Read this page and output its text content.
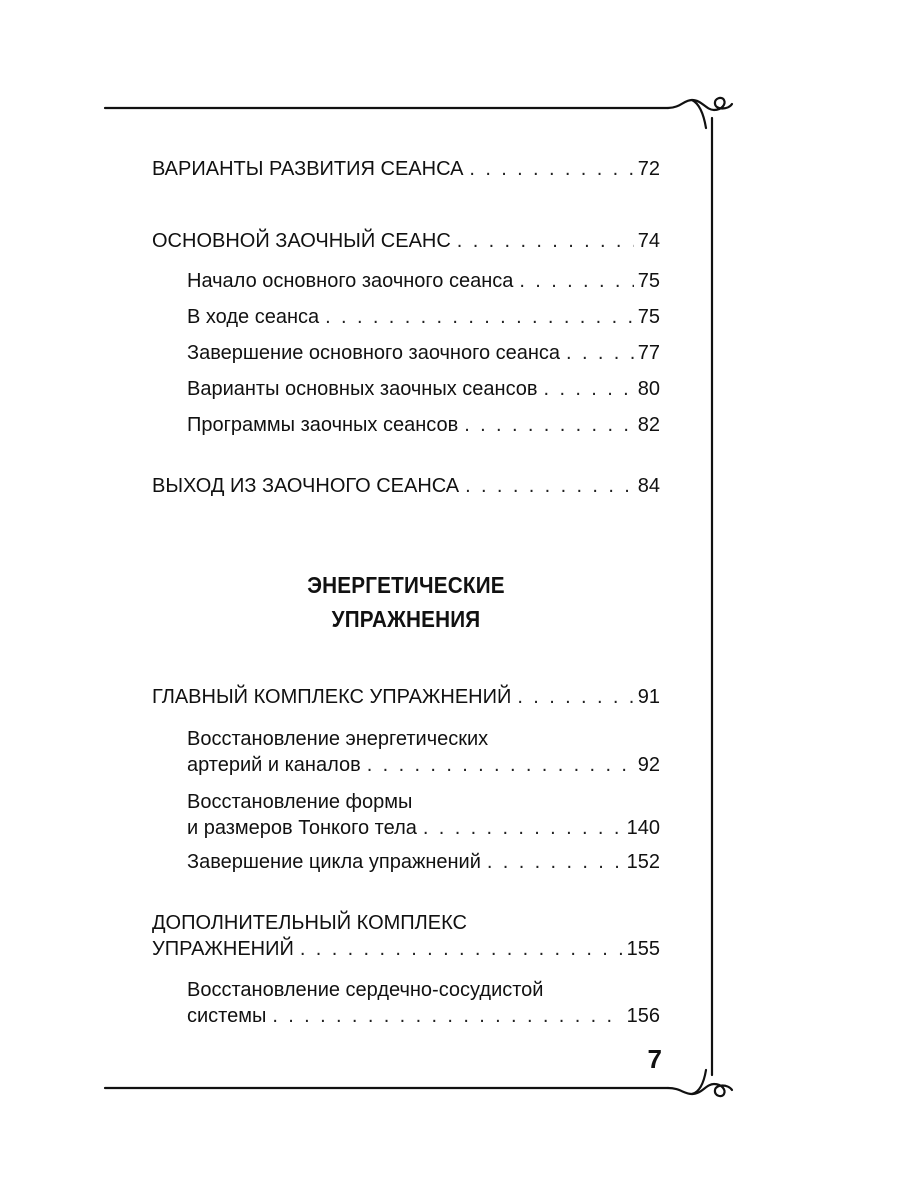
ВАРИАНТЫ РАЗВИТИЯ СЕАНСА . . .	72
ОСНОВНОЙ ЗАОЧНЫЙ СЕАНС . . .	74
Начало основного заочного сеанса . . .	75
В ходе сеанса . . .	75
Завершение основного заочного сеанса . . .	77
Варианты основных заочных сеансов . . .	80
Программы заочных сеансов . . .	82
ВЫХОД ИЗ ЗАОЧНОГО СЕАНСА . . .	84
ГЛАВНЫЙ КОМПЛЕКС УПРАЖНЕНИЙ . . .	91
Восстановление энергетических
артерий и каналов . . .	92
Восстановление формы
и размеров Тонкого тела . . .	140
Завершение цикла упражнений . . .	152
ДОПОЛНИТЕЛЬНЫЙ КОМПЛЕКС
УПРАЖНЕНИЙ . . .	155
Восстановление сердечно-сосудистой
системы . . .	156
ЭНЕРГЕТИЧЕСКИЕ
УПРАЖНЕНИЯ
7
